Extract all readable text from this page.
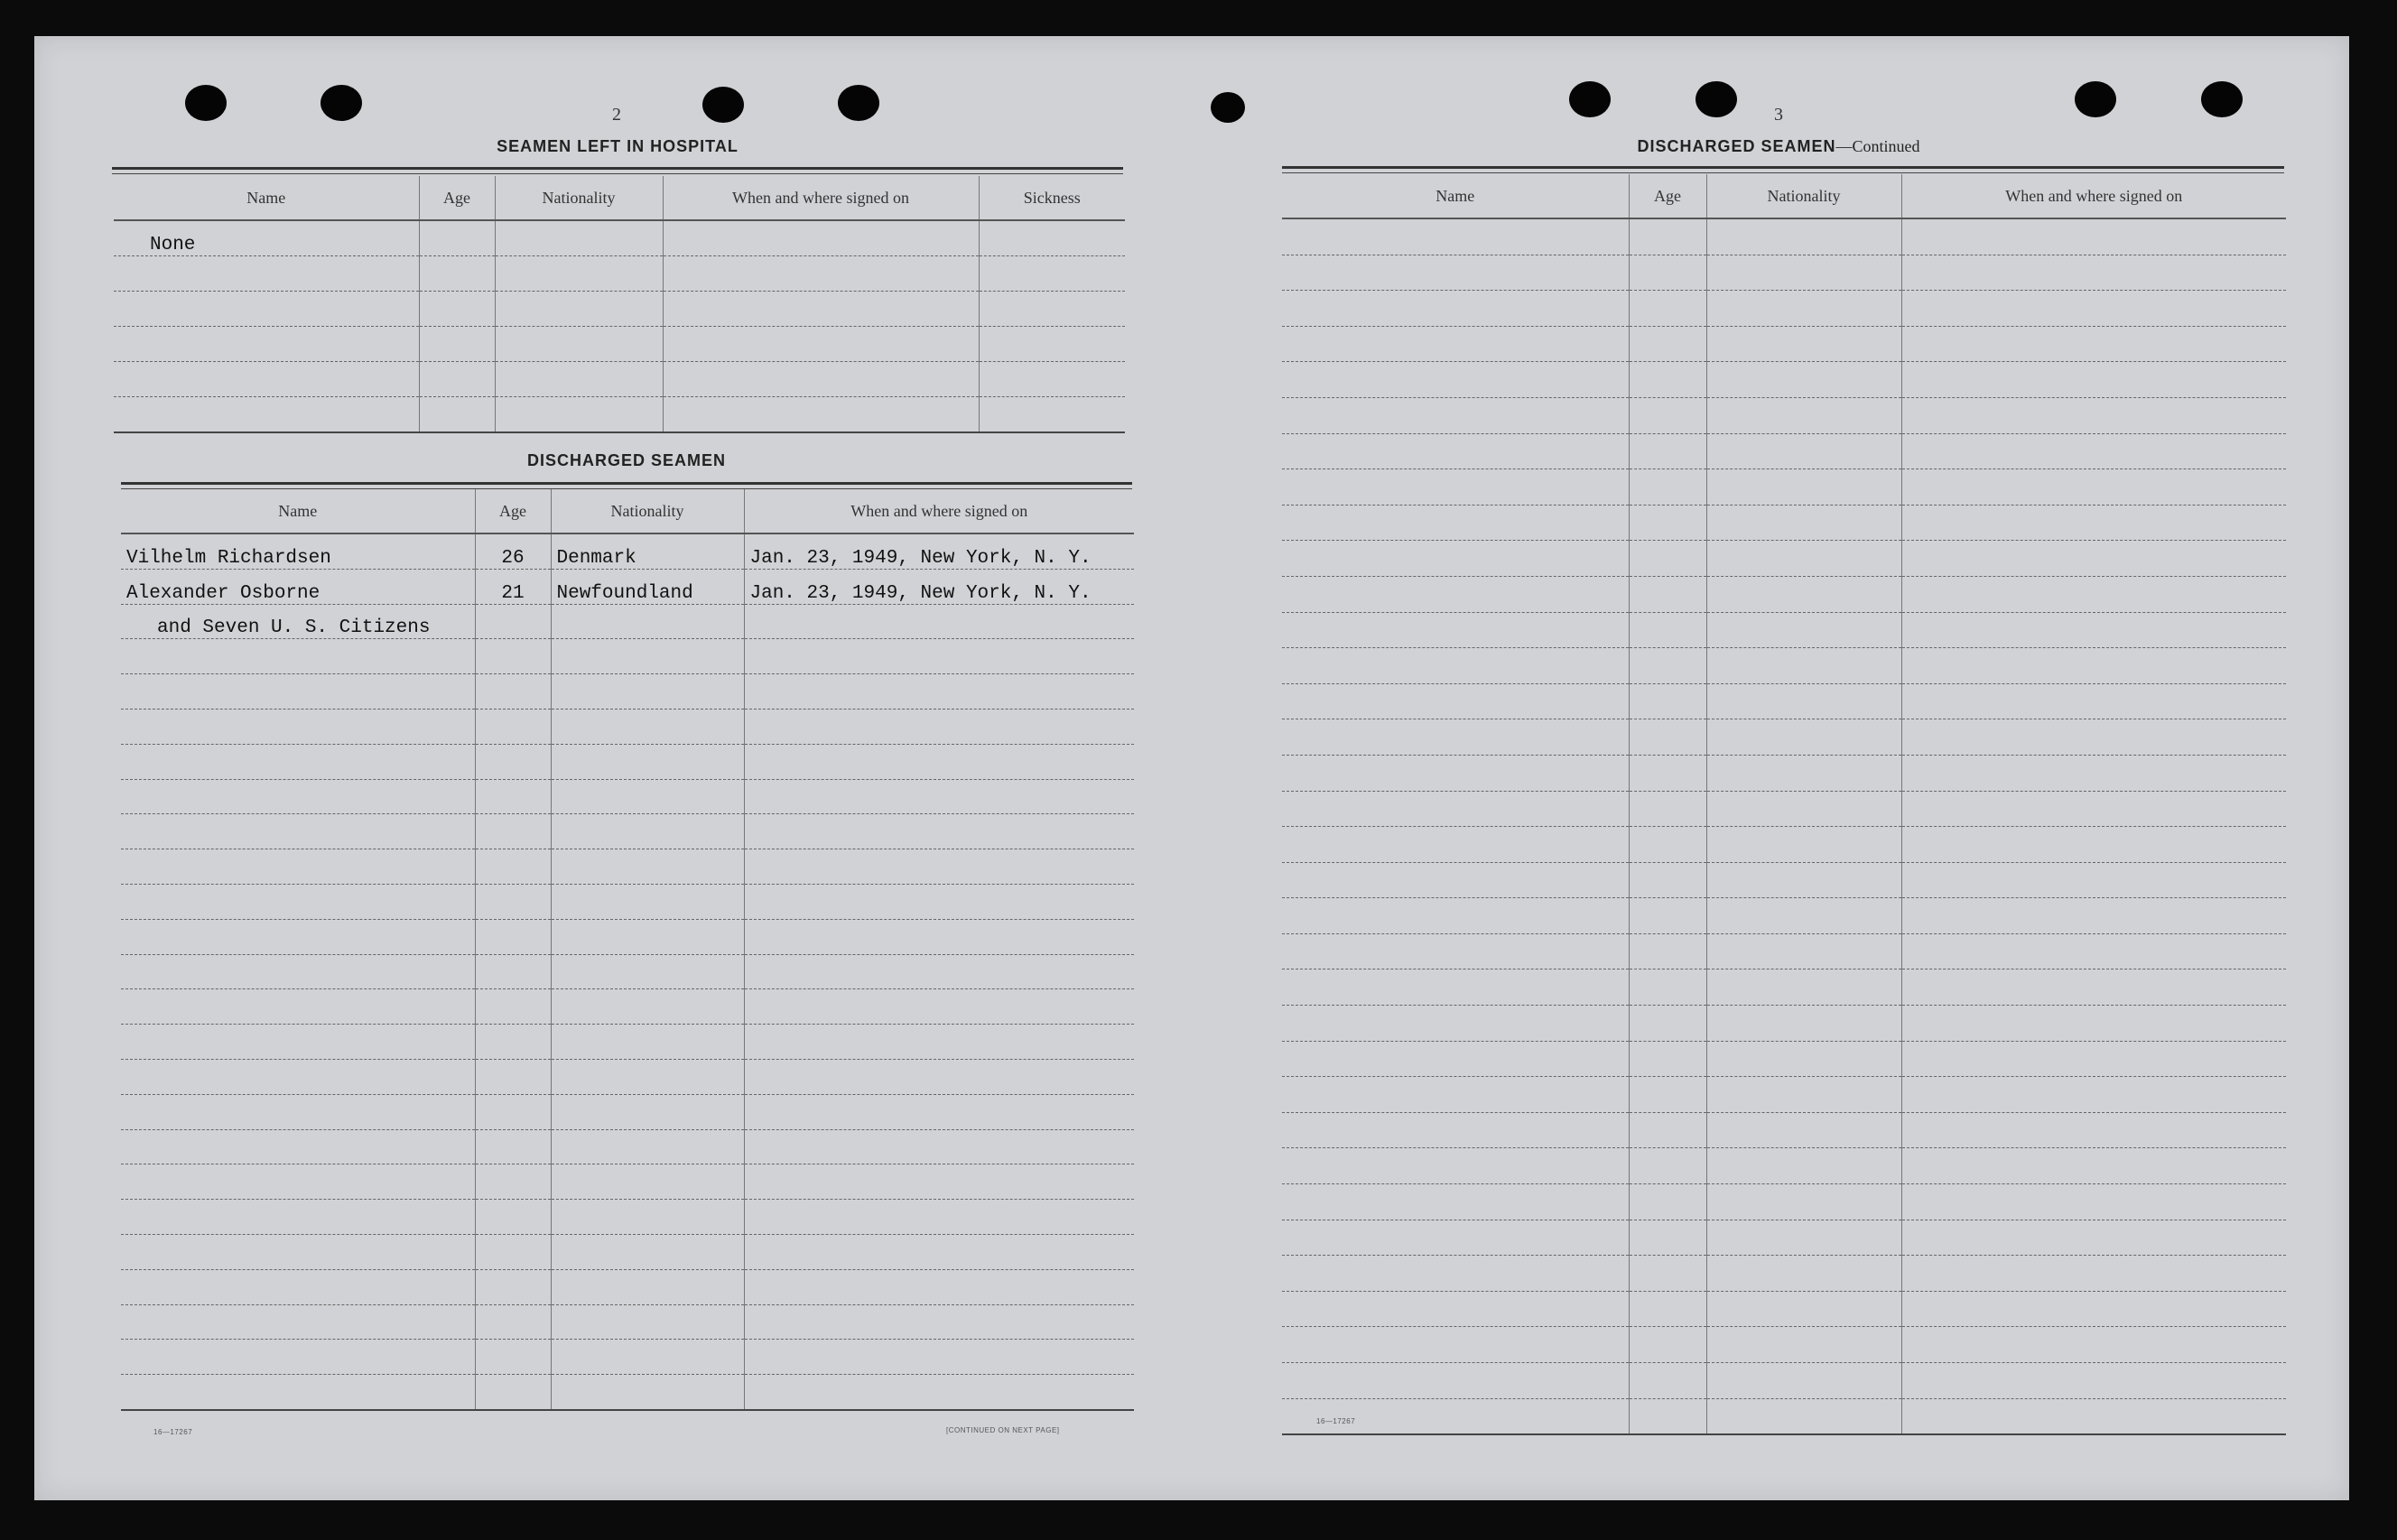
2
SEAMEN LEFT IN HOSPITAL
Name	Age	Nationality	When and where signed on	Sickness
None				

DISCHARGED SEAMEN
Name	Age	Nationality	When and where signed on
Vilhelm Richardsen	26	Denmark	Jan. 23, 1949, New York, N. Y.
Alexander Osborne	21	Newfoundland	Jan. 23, 1949, New York, N. Y.
and Seven U. S. Citizens			

16—17267	[CONTINUED ON NEXT PAGE]
3
DISCHARGED SEAMEN—Continued
Name	Age	Nationality	When and where signed on

16—17267
